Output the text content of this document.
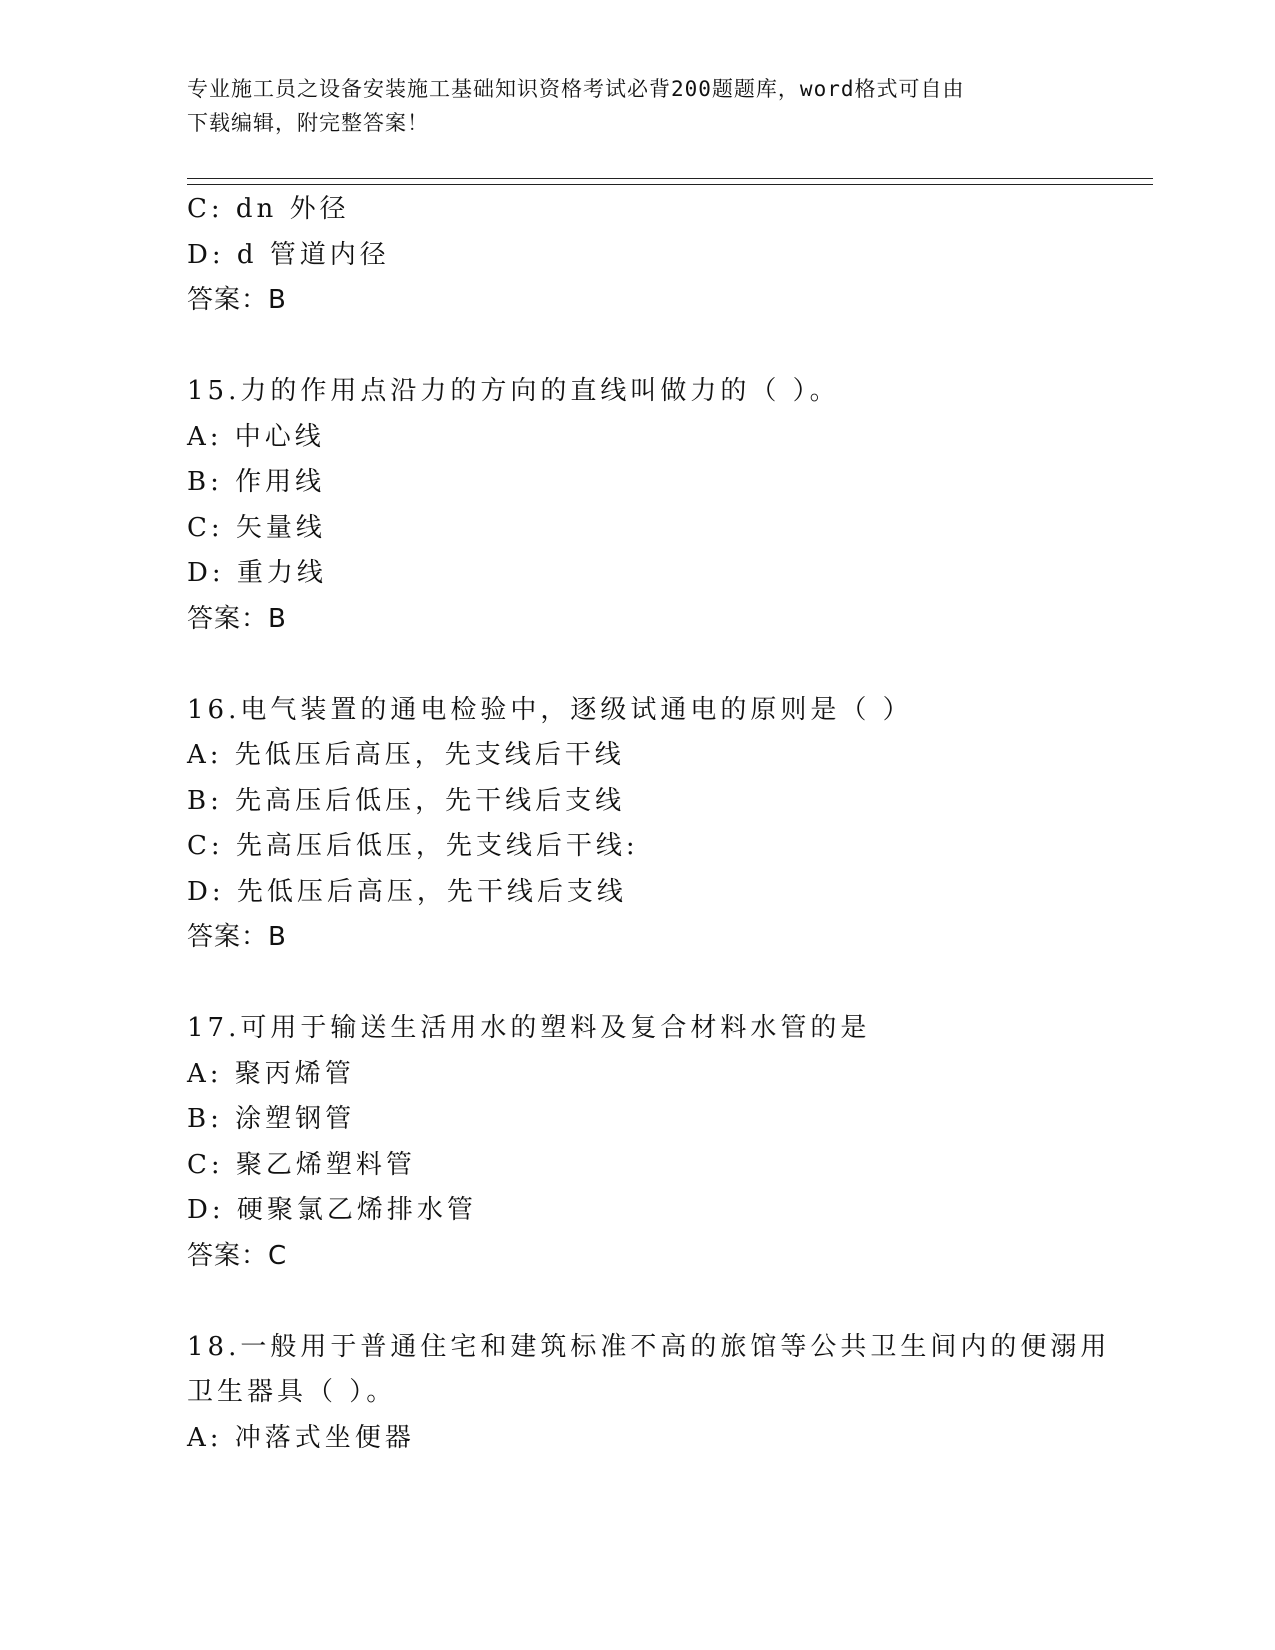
专业施工员之设备安装施工基础知识资格考试必背200题题库，word格式可自由
下载编辑，附完整答案！
C: dn 外径
D: d 管道内径
答案：B
15.力的作用点沿力的方向的直线叫做力的（ ）。
A: 中心线
B: 作用线
C: 矢量线
D: 重力线
答案：B
16.电气装置的通电检验中，逐级试通电的原则是（ ）
A: 先低压后高压，先支线后干线
B: 先高压后低压，先干线后支线
C: 先高压后低压，先支线后干线:
D: 先低压后高压，先干线后支线
答案：B
17.可用于输送生活用水的塑料及复合材料水管的是
A: 聚丙烯管
B: 涂塑钢管
C: 聚乙烯塑料管
D: 硬聚氯乙烯排水管
答案：C
18.一般用于普通住宅和建筑标准不高的旅馆等公共卫生间内的便溺用
卫生器具（ ）。
A: 冲落式坐便器
